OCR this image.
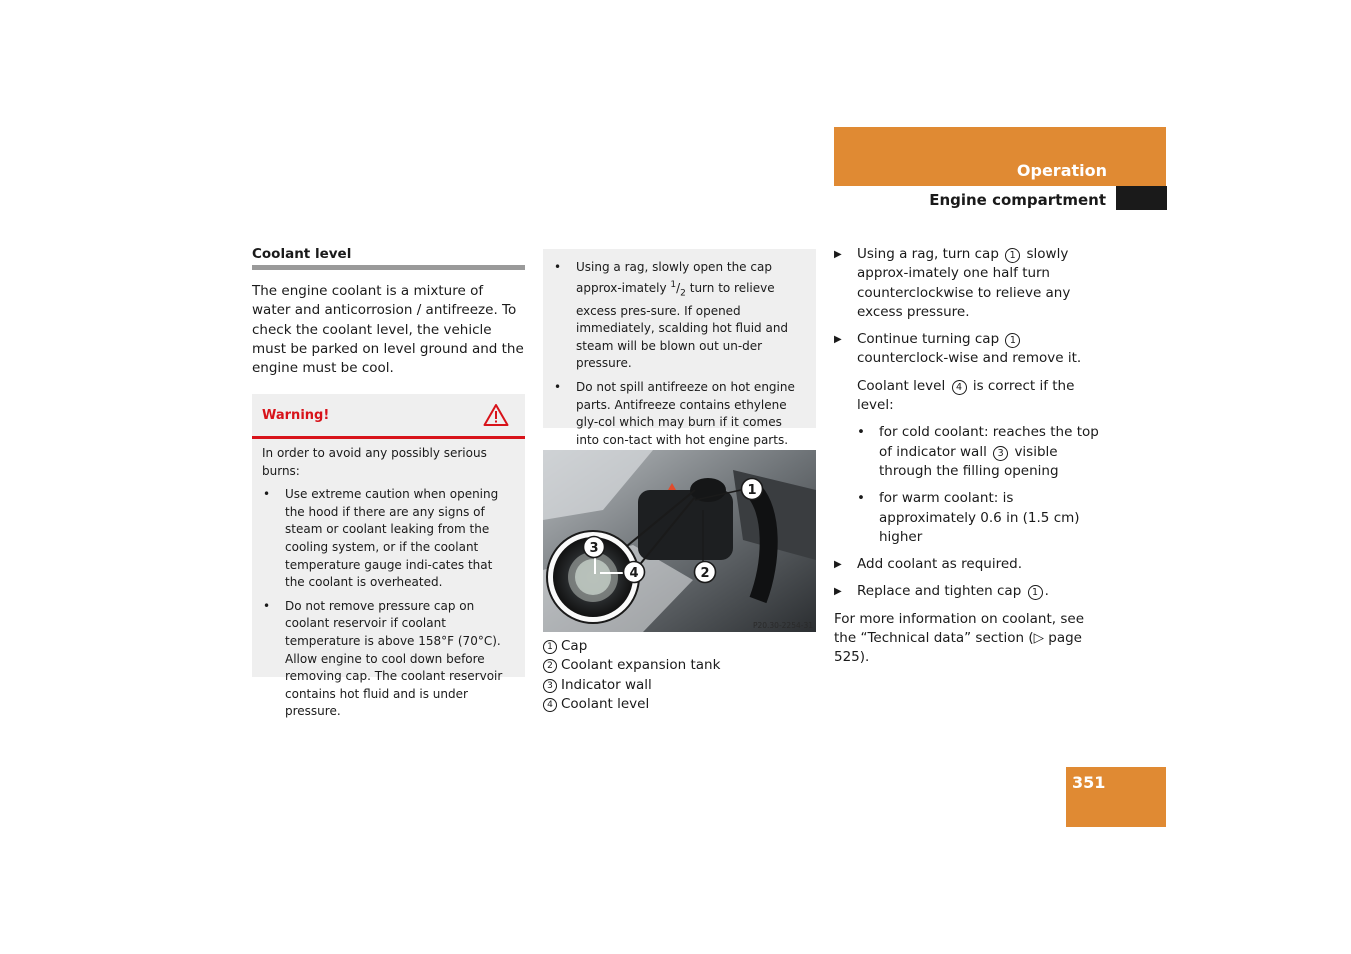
Operation
Engine compartment
Coolant level

The engine coolant is a mixture of water and anticorrosion / antifreeze. To check the coolant level, the vehicle must be parked on level ground and the engine must be cool.

Warning!
In order to avoid any possibly serious burns:
• Use extreme caution when opening the hood if there are any signs of steam or coolant leaking from the cooling system, or if the coolant temperature gauge indi-cates that the coolant is overheated.
• Do not remove pressure cap on coolant reservoir if coolant temperature is above 158°F (70°C). Allow engine to cool down before removing cap. The coolant reservoir contains hot fluid and is under pressure.
• Using a rag, slowly open the cap approx-imately $^1/_2$ turn to relieve excess pres-sure. If opened immediately, scalding hot fluid and steam will be blown out un-der pressure.
• Do not spill antifreeze on hot engine parts. Antifreeze contains ethylene gly-col which may burn if it comes into con-tact with hot engine parts.
1
2
3
4
P20.30-2254-31
1 Cap
2 Coolant expansion tank
3 Indicator wall
4 Coolant level
▶ Using a rag, turn cap 1 slowly approx-imately one half turn counterclockwise to relieve any excess pressure.
▶ Continue turning cap 1 counterclock-wise and remove it.
Coolant level 4 is correct if the level:
• for cold coolant: reaches the top of indicator wall 3 visible through the filling opening
• for warm coolant: is approximately 0.6 in (1.5 cm) higher
▶ Add coolant as required.
▶ Replace and tighten cap 1 .

For more information on coolant, see the “Technical data” section (▷ page 525).

351
